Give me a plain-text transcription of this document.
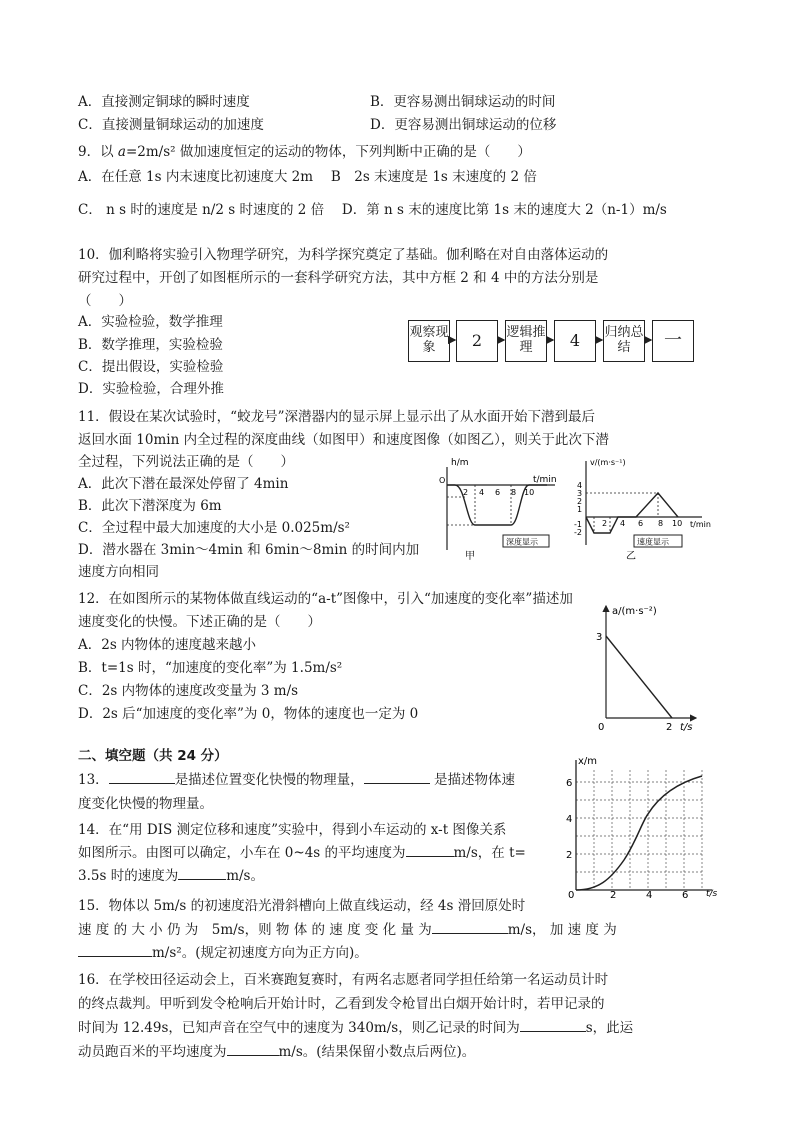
A．直接测定铜球的瞬时速度	B．更容易测出铜球运动的时间
C．直接测量铜球运动的加速度	D．更容易测出铜球运动的位移
9．以 a=2m/s² 做加速度恒定的运动的物体，下列判断中正确的是（　　）
A．在任意 1s 内末速度比初速度大 2m　 B　2s 末速度是 1s 末速度的 2 倍
C． n s 时的速度是 n/2 s 时速度的 2 倍　 D．第 n s 末的速度比第 1s 末的速度大 2（n-1）m/s
10．伽利略将实验引入物理学研究，为科学探究奠定了基础。伽利略在对自由落体运动的
研究过程中，开创了如图框所示的一套科学研究方法，其中方框 2 和 4 中的方法分别是
（　　）
A．实验检验，数学推理
B．数学推理，实验检验
C．提出假设，实验检验
D．实验检验，合理外推
观察现象	2	逻辑推理	4	归纳总结	一
11．假设在某次试验时，“蛟龙号”深潜器内的显示屏上显示出了从水面开始下潜到最后
返回水面 10min 内全过程的深度曲线（如图甲）和速度图像（如图乙），则关于此次下潜
全过程，下列说法正确的是（　　）
A．此次下潜在最深处停留了 4min
B．此次下潜深度为 6m
C．全过程中最大加速度的大小是 0.025m/s²
D．潜水器在 3min～4min 和 6min～8min 的时间内加
速度方向相同
h/m
t/min
O
2 4 6 8 10
深度显示
甲
v/(m·s⁻¹)
t/min
4
3
2
1
-1
-2
2 4 6 8 10
速度显示
乙
12．在如图所示的某物体做直线运动的“a-t”图像中，引入“加速度的变化率”描述加
速度变化的快慢。下述正确的是（　　）
A．2s 内物体的速度越来越小
B．t=1s 时，“加速度的变化率”为 1.5m/s²
C．2s 内物体的速度改变量为 3 m/s
D．2s 后“加速度的变化率”为 0，物体的速度也一定为 0
a/(m·s⁻²)
t/s
3
2
0
二、填空题（共 24 分）
13．	是描述位置变化快慢的物理量，	是描述物体速
度变化快慢的物理量。
14．在“用 DIS 测定位移和速度”实验中，得到小车运动的 x-t 图像关系
如图所示。由图可以确定，小车在 0~4s 的平均速度为	m/s，在 t=
3.5s 时的速度为	m/s。
x/m
t/s
6
4
2
2	4	6
0
15．物体以 5m/s 的初速度沿光滑斜槽向上做直线运动，经 4s 滑回原处时
速 度 的 大 小 仍 为　5m/s，则 物 体 的 速 度 变 化 量 为	m/s， 加 速 度 为
m/s²。(规定初速度方向为正方向)。
16．在学校田径运动会上，百米赛跑复赛时，有两名志愿者同学担任给第一名运动员计时
的终点裁判。甲听到发令枪响后开始计时，乙看到发令枪冒出白烟开始计时，若甲记录的
时间为 12.49s，已知声音在空气中的速度为 340m/s，则乙记录的时间为	s，此运
动员跑百米的平均速度为	m/s。(结果保留小数点后两位)。
